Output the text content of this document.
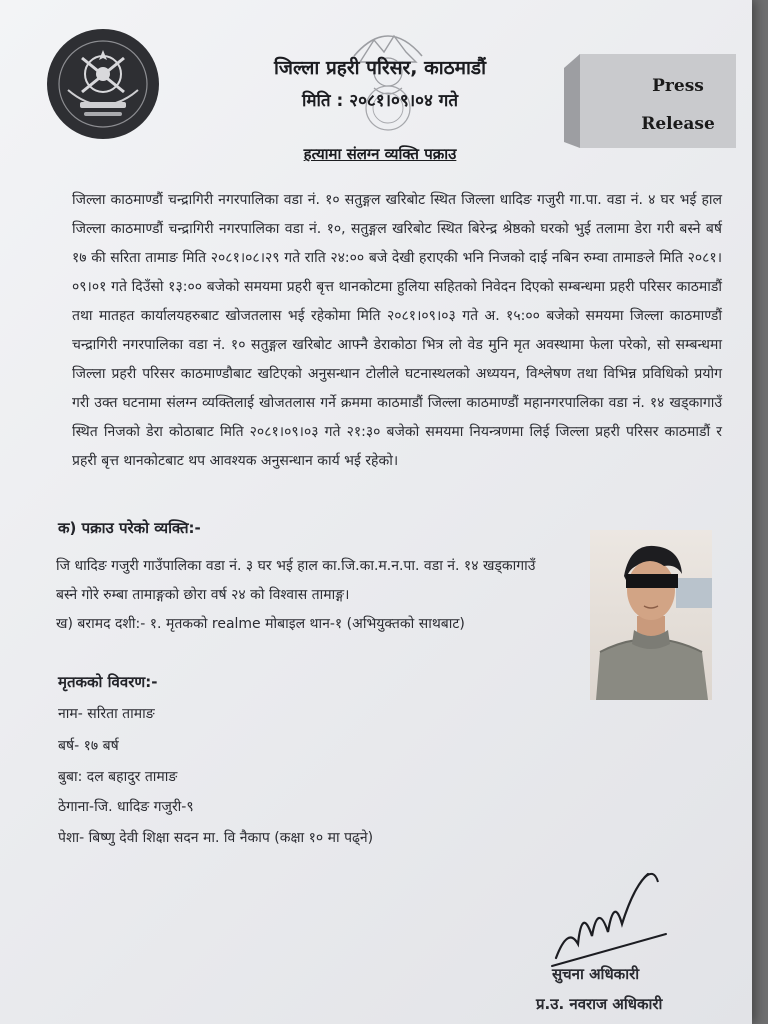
जिल्ला प्रहरी परिसर, काठमाडौं
मिति : २०८१।०९।०४ गते
Press
Release
हत्यामा संलग्न व्यक्ति पक्राउ
जिल्ला काठमाण्डौं चन्द्रागिरी नगरपालिका वडा नं. १० सतुङ्गल खरिबोट स्थित जिल्ला धादिङ गजुरी गा.पा. वडा नं. ४ घर भई हाल जिल्ला काठमाण्डौं चन्द्रागिरी नगरपालिका वडा नं. १०, सतुङ्गल खरिबोट स्थित बिरेन्द्र श्रेष्ठको घरको भुई तलामा डेरा गरी बस्ने बर्ष १७ की सरिता तामाङ मिति २०८१।०८।२९ गते राति २४:०० बजे देखी हराएकी भनि निजको दाई नबिन रुम्वा तामाङले मिति २०८१।०९।०१ गते दिउँसो १३:०० बजेको समयमा प्रहरी बृत्त थानकोटमा हुलिया सहितको निवेदन दिएको सम्बन्धमा प्रहरी परिसर काठमाडौं तथा मातहत कार्यालयहरुबाट खोजतलास भई रहेकोमा मिति २०८१।०९।०३ गते अ. १५:०० बजेको समयमा जिल्ला काठमाण्डौं चन्द्रागिरी नगरपालिका वडा नं. १० सतुङ्गल खरिबोट आफ्नै डेराकोठा भित्र लो वेड मुनि मृत अवस्थामा फेला परेको, सो सम्बन्धमा जिल्ला प्रहरी परिसर काठमाण्डौबाट खटिएको अनुसन्धान टोलीले घटनास्थलको अध्ययन, विश्लेषण तथा विभिन्न प्रविधिको प्रयोग गरी उक्त घटनामा संलग्न व्यक्तिलाई खोजतलास गर्ने क्रममा काठमाडौं जिल्ला काठमाण्डौं महानगरपालिका वडा नं. १४ खड्कागाउँ स्थित निजको डेरा कोठाबाट मिति २०८१।०९।०३ गते २१:३० बजेको समयमा नियन्त्रणमा लिई जिल्ला प्रहरी परिसर काठमाडौं र प्रहरी बृत्त थानकोटबाट थप आवश्यक अनुसन्धान कार्य भई रहेको।
क) पक्राउ परेको व्यक्ति:-
जि धादिङ गजुरी गाउँपालिका वडा नं. ३ घर भई हाल का.जि.का.म.न.पा. वडा नं. १४ खड्कागाउँ
बस्ने गोरे रुम्बा तामाङ्गको छोरा वर्ष २४ को विश्वास तामाङ्ग।
ख) बरामद दशी:- १. मृतकको realme मोबाइल थान-१ (अभियुक्तको साथबाट)
मृतकको विवरण:-
नाम- सरिता तामाङ
बर्ष- १७ बर्ष
बुबा: दल बहादुर तामाङ
ठेगाना-जि. धादिङ गजुरी-९
पेशा- बिष्णु देवी शिक्षा सदन मा. वि नैकाप (कक्षा १० मा पढ्ने)
सुचना अधिकारी
प्र.उ. नवराज अधिकारी
